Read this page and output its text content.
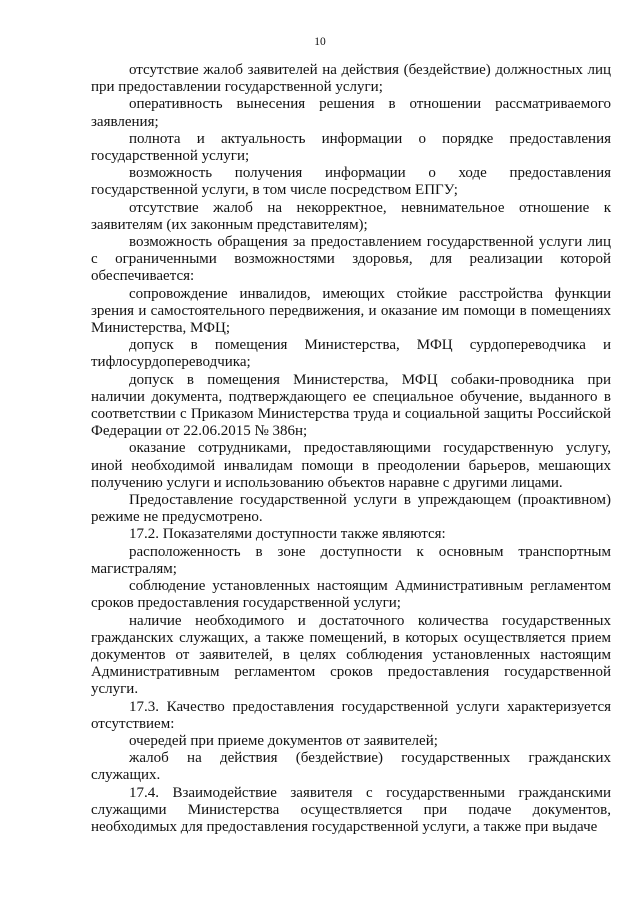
10

отсутствие жалоб заявителей на действия (бездействие) должностных лиц при предоставлении государственной услуги;

оперативность вынесения решения в отношении рассматриваемого заявления;

полнота и актуальность информации о порядке предоставления государственной услуги;

возможность получения информации о ходе предоставления государственной услуги, в том числе посредством ЕПГУ;

отсутствие жалоб на некорректное, невнимательное отношение к заявителям (их законным представителям);

возможность обращения за предоставлением государственной услуги лиц с ограниченными возможностями здоровья, для реализации которой обеспечивается:

сопровождение инвалидов, имеющих стойкие расстройства функции зрения и самостоятельного передвижения, и оказание им помощи в помещениях Министерства, МФЦ;

допуск в помещения Министерства, МФЦ сурдопереводчика и тифлосурдопереводчика;

допуск в помещения Министерства, МФЦ собаки-проводника при наличии документа, подтверждающего ее специальное обучение, выданного в соответствии с Приказом Министерства труда и социальной защиты Российской Федерации от 22.06.2015 № 386н;

оказание сотрудниками, предоставляющими государственную услугу, иной необходимой инвалидам помощи в преодолении барьеров, мешающих получению услуги и использованию объектов наравне с другими лицами.

Предоставление государственной услуги в упреждающем (проактивном) режиме не предусмотрено.

17.2. Показателями доступности также являются:

расположенность в зоне доступности к основным транспортным магистралям;

соблюдение установленных настоящим Административным регламентом сроков предоставления государственной услуги;

наличие необходимого и достаточного количества государственных гражданских служащих, а также помещений, в которых осуществляется прием документов от заявителей, в целях соблюдения установленных настоящим Административным регламентом сроков предоставления государственной услуги.

17.3. Качество предоставления государственной услуги характеризуется отсутствием:

очередей при приеме документов от заявителей;

жалоб на действия (бездействие) государственных гражданских служащих.

17.4. Взаимодействие заявителя с государственными гражданскими служащими Министерства осуществляется при подаче документов, необходимых для предоставления государственной услуги, а также при выдаче
